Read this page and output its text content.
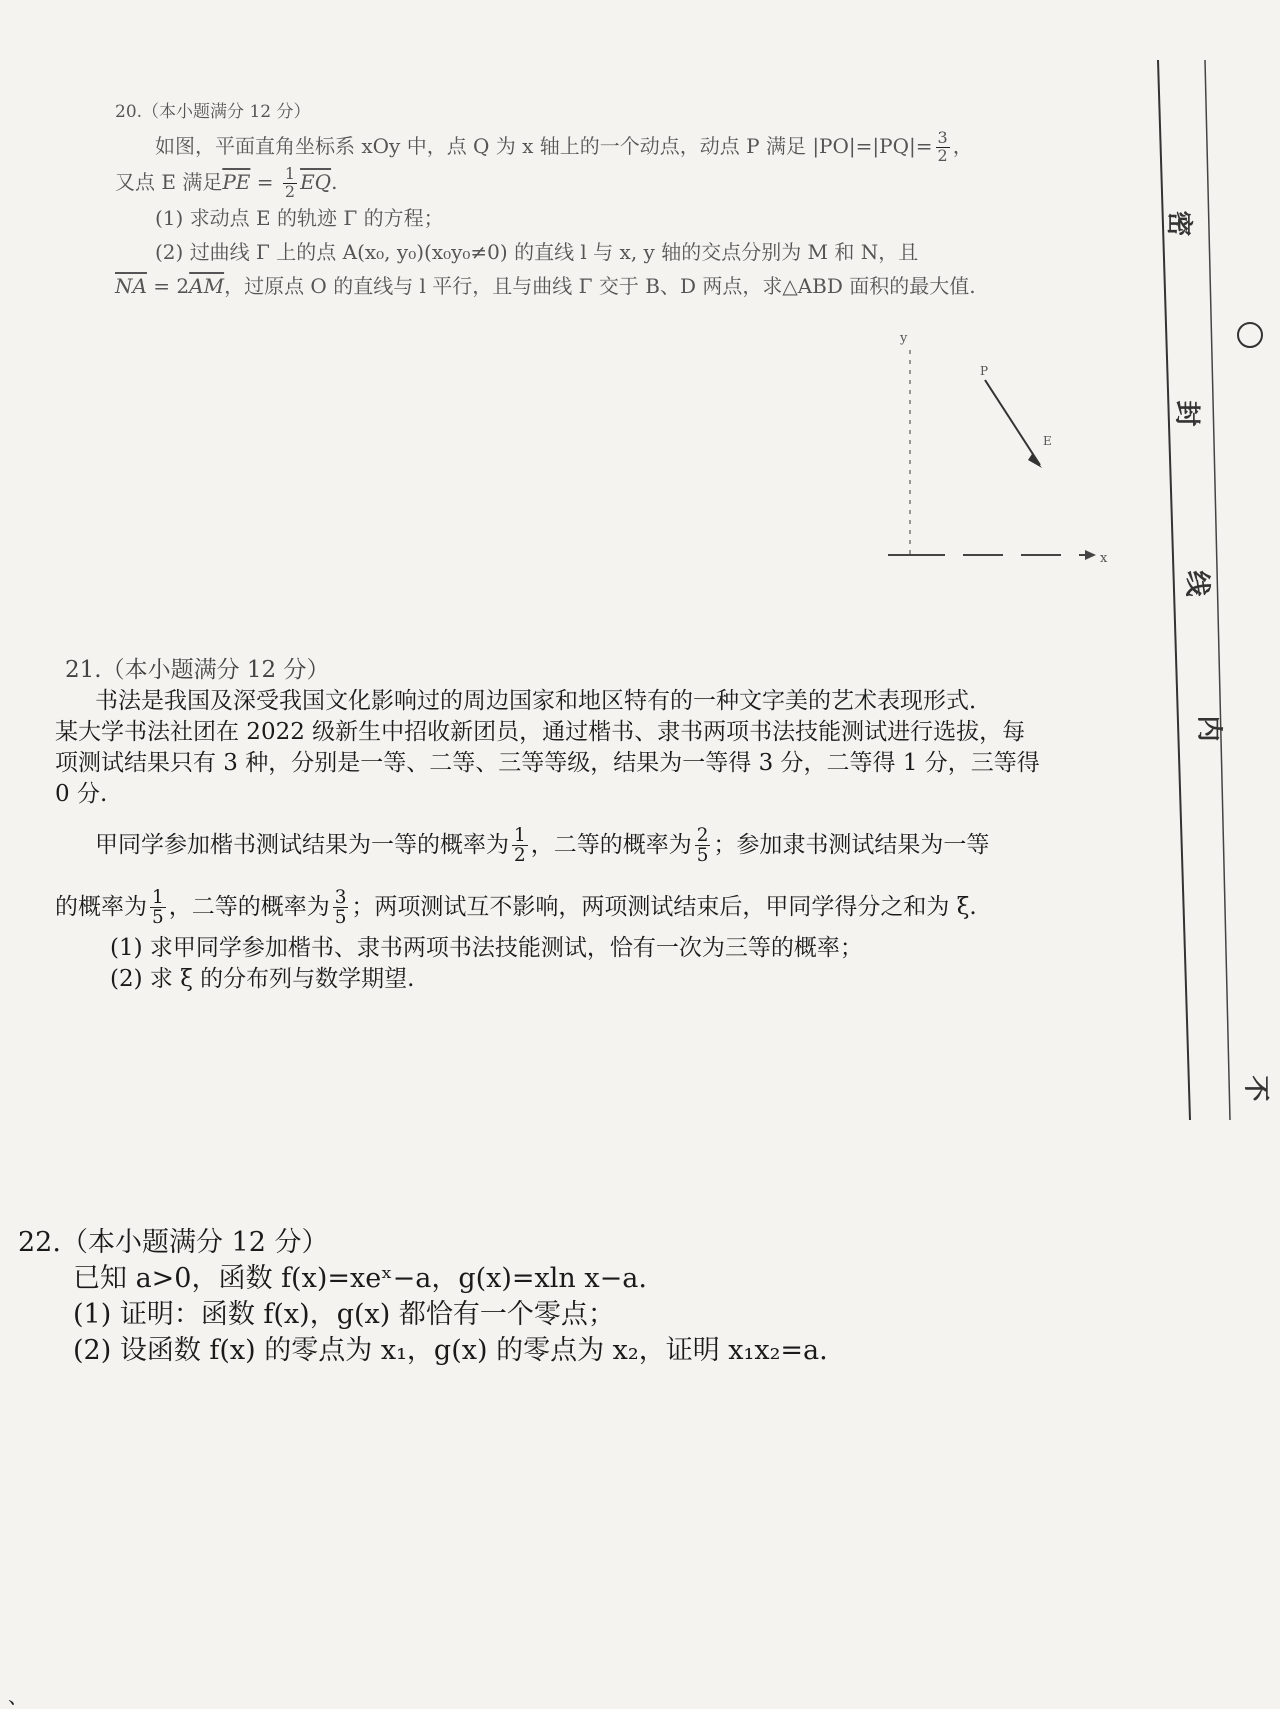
20.（本小题满分 12 分）
如图，平面直角坐标系 xOy 中，点 Q 为 x 轴上的一个动点，动点 P 满足 $|PO|=|PQ|= \frac{3}{2}$ ，
又点 E 满足$\overline{PE} = \frac{1}{2} \overline{EQ}$.
(1) 求动点 E 的轨迹 Γ 的方程；
(2) 过曲线 Γ 上的点 A(x₀, y₀)(x₀y₀≠0) 的直线 l 与 x, y 轴的交点分别为 M 和 N，且
$\overline{NA} = 2\overline{AM}$，过原点 O 的直线与 l 平行，且与曲线 Γ 交于 B、D 两点，求△ABD 面积的最大值.
y
x
P
E
21.（本小题满分 12 分）
书法是我国及深受我国文化影响过的周边国家和地区特有的一种文字美的艺术表现形式．
某大学书法社团在 2022 级新生中招收新团员，通过楷书、隶书两项书法技能测试进行选拔，每
项测试结果只有 3 种，分别是一等、二等、三等等级，结果为一等得 3 分，二等得 1 分，三等得
0 分.
甲同学参加楷书测试结果为一等的概率为 $\frac{1}{2}$ ，二等的概率为 $\frac{2}{5}$ ；参加隶书测试结果为一等
的概率为 $\frac{1}{5}$ ，二等的概率为 $\frac{3}{5}$ ；两项测试互不影响，两项测试结束后，甲同学得分之和为 ξ.
(1) 求甲同学参加楷书、隶书两项书法技能测试，恰有一次为三等的概率；
(2) 求 ξ 的分布列与数学期望.
22.（本小题满分 12 分）
已知 a>0，函数 f(x)=xeˣ−a，g(x)=xln x−a.
(1) 证明：函数 f(x)，g(x) 都恰有一个零点；
(2) 设函数 f(x) 的零点为 x₁，g(x) 的零点为 x₂，证明 x₁x₂=a.
密
封
线
内
不
、
